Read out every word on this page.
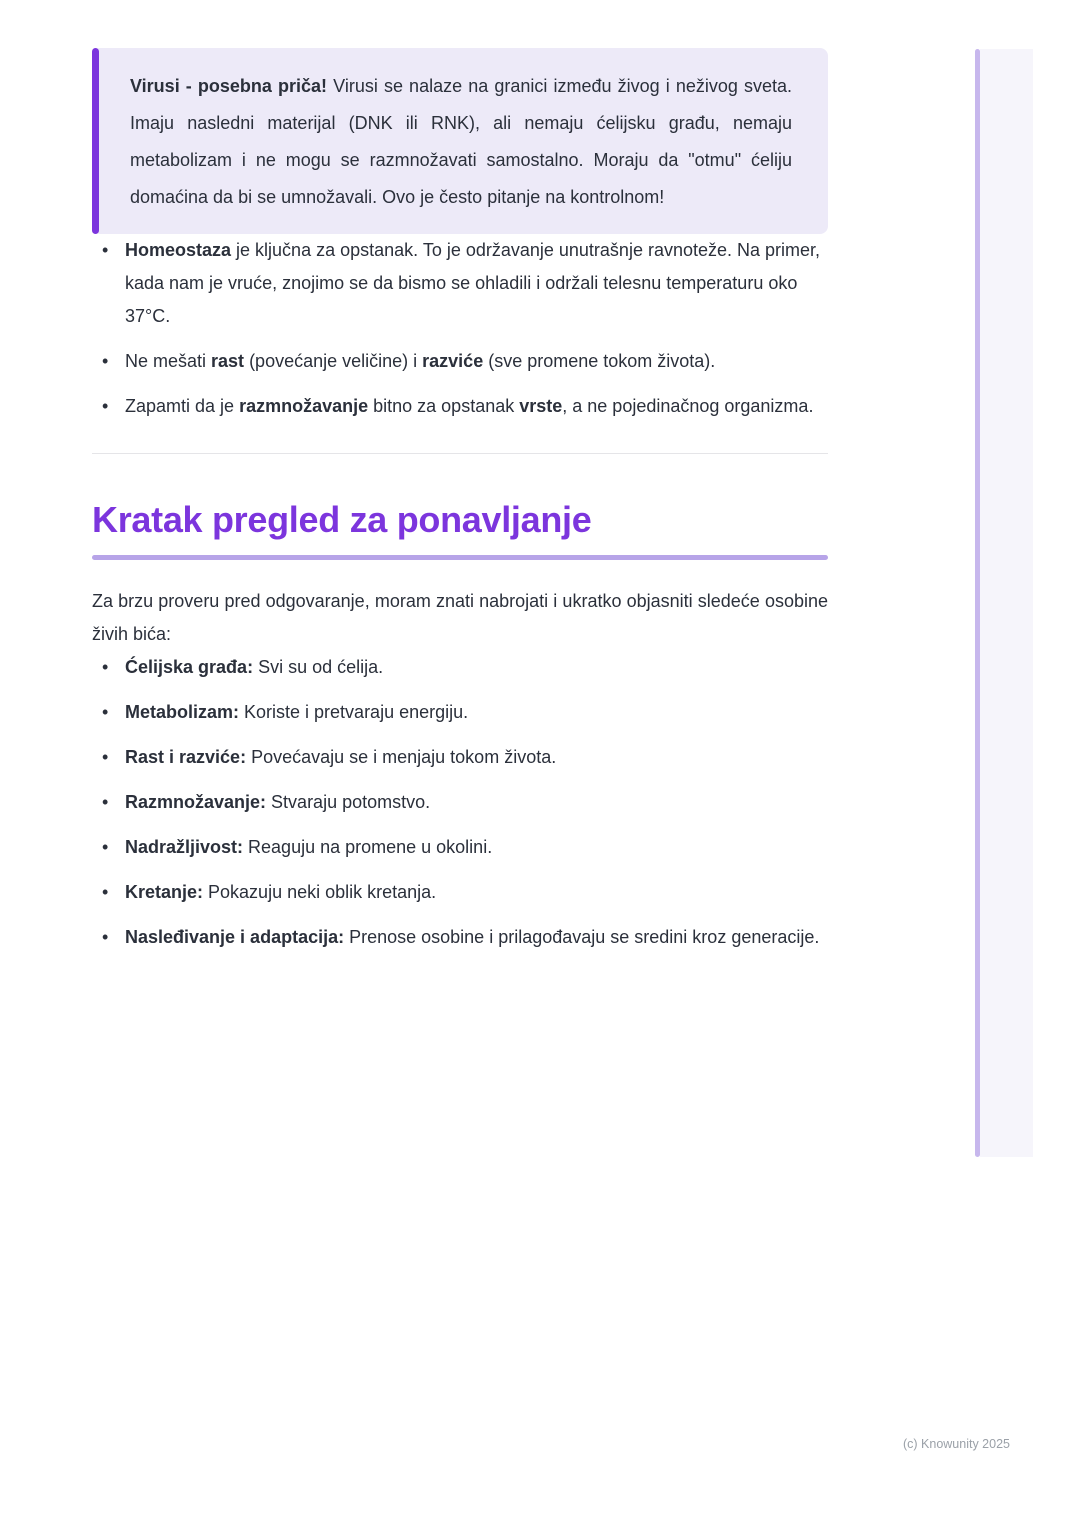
Virusi - posebna priča! Virusi se nalaze na granici između živog i neživog sveta. Imaju nasledni materijal (DNK ili RNK), ali nemaju ćelijsku građu, nemaju metabolizam i ne mogu se razmnožavati samostalno. Moraju da "otmu" ćeliju domaćina da bi se umnožavali. Ovo je često pitanje na kontrolnom!

• Homeostaza je ključna za opstanak. To je održavanje unutrašnje ravnoteže. Na primer, kada nam je vruće, znojimo se da bismo se ohladili i održali telesnu temperaturu oko 37°C.
• Ne mešati rast (povećanje veličine) i razviće (sve promene tokom života).
• Zapamti da je razmnožavanje bitno za opstanak vrste, a ne pojedinačnog organizma.
Kratak pregled za ponavljanje

Za brzu proveru pred odgovaranje, moram znati nabrojati i ukratko objasniti sledeće osobine živih bića:

• Ćelijska građa: Svi su od ćelija.
• Metabolizam: Koriste i pretvaraju energiju.
• Rast i razviće: Povećavaju se i menjaju tokom života.
• Razmnožavanje: Stvaraju potomstvo.
• Nadražljivost: Reaguju na promene u okolini.
• Kretanje: Pokazuju neki oblik kretanja.
• Nasleđivanje i adaptacija: Prenose osobine i prilagođavaju se sredini kroz generacije.
(c) Knowunity 2025
